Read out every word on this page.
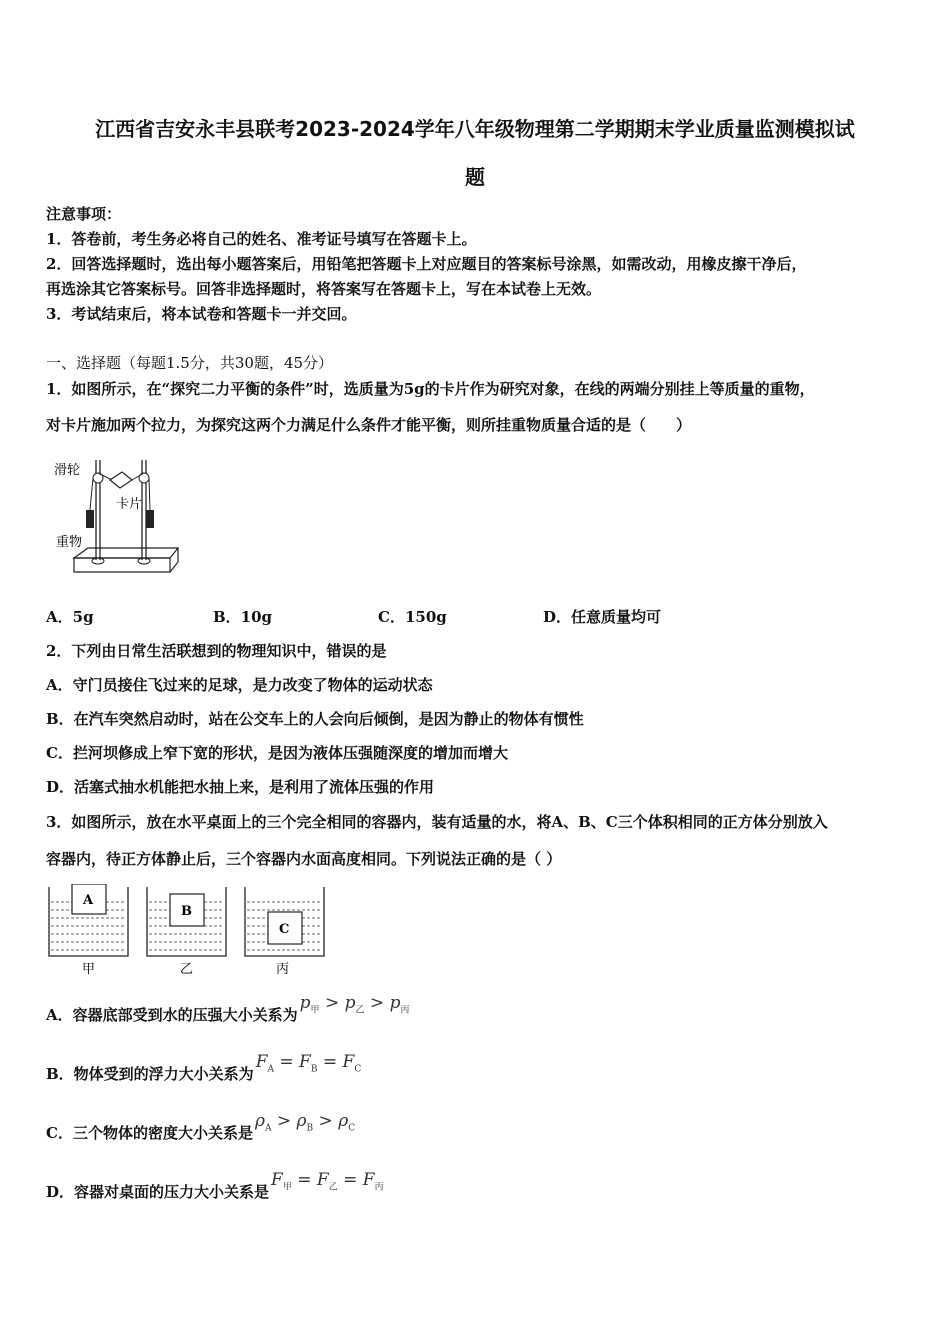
江西省吉安永丰县联考2023-2024学年八年级物理第二学期期末学业质量监测模拟试
题
注意事项：
1．答卷前，考生务必将自己的姓名、准考证号填写在答题卡上。
2．回答选择题时，选出每小题答案后，用铅笔把答题卡上对应题目的答案标号涂黑，如需改动，用橡皮擦干净后，
再选涂其它答案标号。回答非选择题时，将答案写在答题卡上，写在本试卷上无效。
3．考试结束后，将本试卷和答题卡一并交回。
一、选择题（每题1.5分，共30题，45分）
1．如图所示，在“探究二力平衡的条件”时，选质量为5g的卡片作为研究对象，在线的两端分别挂上等质量的重物，
对卡片施加两个拉力，为探究这两个力满足什么条件才能平衡，则所挂重物质量合适的是（　　）
滑轮
卡片
重物
A．5g	B．10g	C．150g	D．任意质量均可
2．下列由日常生活联想到的物理知识中，错误的是
A．守门员接住飞过来的足球，是力改变了物体的运动状态
B．在汽车突然启动时，站在公交车上的人会向后倾倒，是因为静止的物体有惯性
C．拦河坝修成上窄下宽的形状，是因为液体压强随深度的增加而增大
D．活塞式抽水机能把水抽上来，是利用了流体压强的作用
3．如图所示，放在水平桌面上的三个完全相同的容器内，装有适量的水，将A、B、C三个体积相同的正方体分别放入
容器内，待正方体静止后，三个容器内水面高度相同。下列说法正确的是（ ）
A
甲
B
乙
C
丙
A．容器底部受到水的压强大小关系为$p_甲 > p_乙 > p_丙$
B．物体受到的浮力大小关系为$F_A = F_B = F_C$
C．三个物体的密度大小关系是$\rho_A > \rho_B > \rho_C$
D．容器对桌面的压力大小关系是$F_甲 = F_乙 = F_丙$
